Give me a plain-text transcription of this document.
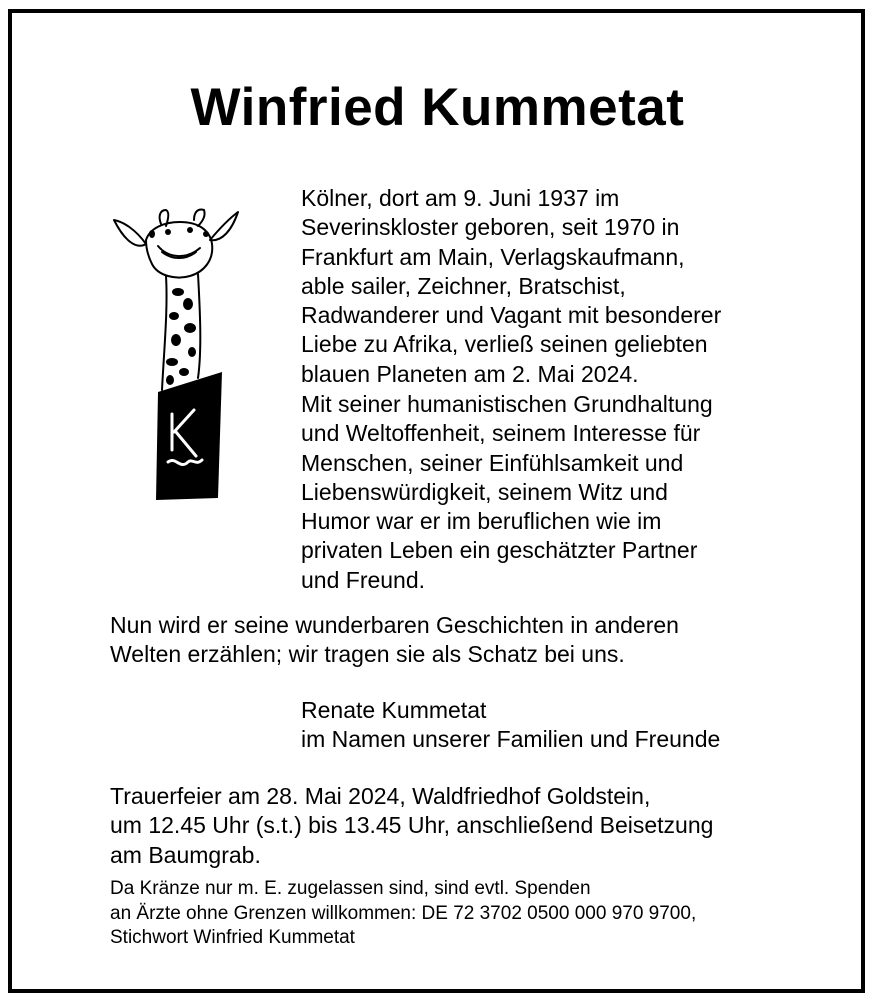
Winfried Kummetat
Kölner, dort am 9. Juni 1937 im
Severinskloster geboren, seit 1970 in
Frankfurt am Main, Verlagskaufmann,
able sailer, Zeichner, Bratschist,
Radwanderer und Vagant mit besonderer
Liebe zu Afrika, verließ seinen geliebten
blauen Planeten am 2. Mai 2024.
Mit seiner humanistischen Grundhaltung
und Weltoffenheit, seinem Interesse für
Menschen, seiner Einfühlsamkeit und
Liebenswürdigkeit, seinem Witz und
Humor war er im beruflichen wie im
privaten Leben ein geschätzter Partner
und Freund.
Nun wird er seine wunderbaren Geschichten in anderen
Welten erzählen; wir tragen sie als Schatz bei uns.
Renate Kummetat
im Namen unserer Familien und Freunde
Trauerfeier am 28. Mai 2024, Waldfriedhof Goldstein,
um 12.45 Uhr (s.t.) bis 13.45 Uhr, anschließend Beisetzung
am Baumgrab.
Da Kränze nur m. E. zugelassen sind, sind evtl. Spenden
an Ärzte ohne Grenzen willkommen: DE 72 3702 0500 000 970 9700,
Stichwort Winfried Kummetat
